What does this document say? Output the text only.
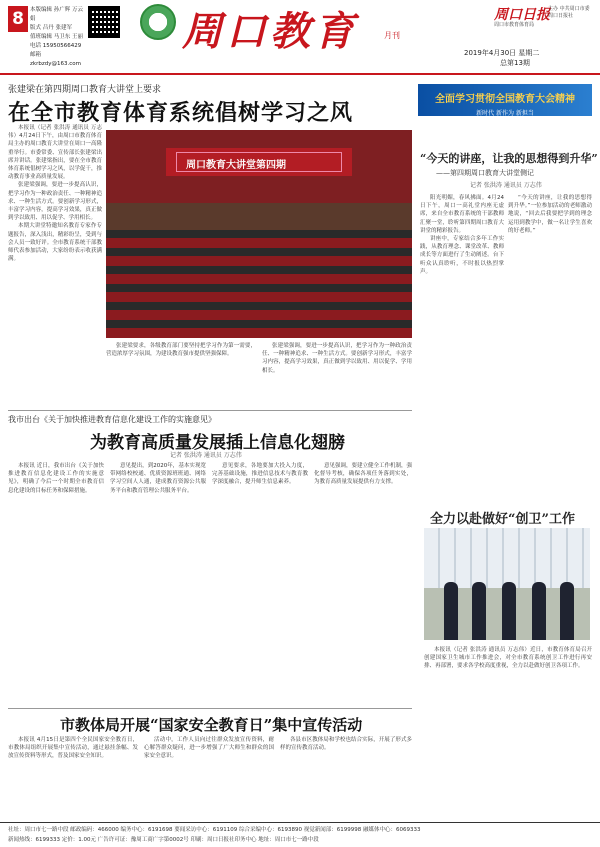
8	本版编辑 孙广辉 万云娟
版式 吕丹 张建军
值班编辑 马卫东 王丽
电话 15950566429
邮箱 zkrbzdy@163.com
周口教育	月刊
周口日报
主办 中共周口市委 周口日报社
周口市教育体育局
2019年4月30日 星期二
总第13期
张建梁在第四期周口教育大讲堂上要求
在全市教育体育系统倡树学习之风
全面学习贯彻全国教育大会精神
新时代 新作为 新担当

本报讯（记者 张洪涛 通讯员 万志伟）4月24日下午，由周口市教育体育局主办的周口教育大讲堂在周口一高隆重举行。市委常委、宣传部长张建梁出席并讲话。张建梁指出，要在全市教育体育系统倡树学习之风，以学促干，推动教育事业高质量发展。

张建梁强调，要进一步提高认识，把学习作为一种政治责任、一种精神追求、一种生活方式。要创新学习形式，丰富学习内容，提高学习效果，真正做到学以致用、用以促学、学用相长。

本期大讲堂特邀知名教育专家作专题报告，深入浅出，精彩纷呈，受到与会人员一致好评。全市教育系统干部教师代表参加活动，大家纷纷表示收获满满。

周口教育大讲堂第四期

张建梁要求，各级教育部门要坚持把学习作为第一需要，营造浓厚学习氛围，为建设教育强市提供坚强保障。

张建梁强调，要进一步提高认识，把学习作为一种政治责任、一种精神追求、一种生活方式。要创新学习形式，丰富学习内容，提高学习效果，真正做到学以致用、用以促学、学用相长。

“今天的讲座，让我的思想得到升华”
——第四期周口教育大讲堂侧记
记者 张洪涛 通讯员 万志伟

阳光明媚，春风拂面。4月24日下午，周口一高礼堂内座无虚席，来自全市教育系统的干部教师汇聚一堂，聆听第四期周口教育大讲堂的精彩报告。

讲座中，专家结合多年工作实践，从教育理念、课堂改革、教师成长等方面进行了生动阐述。台下听众认真聆听，不时报以热烈掌声。

“今天的讲座，让我的思想得到升华。”一位参加活动的老师激动地说，“回去后我要把学到的理念运用到教学中，做一名让学生喜欢的好老师。”

我市出台《关于加快推进教育信息化建设工作的实施意见》
为教育高质量发展插上信息化翅膀
记者 张洪涛 通讯员 万志伟

本报讯 近日，我市出台《关于加快推进教育信息化建设工作的实施意见》，明确了今后一个时期全市教育信息化建设的目标任务和保障措施。

意见提出，到2020年，基本实现宽带网络校校通、优质资源班班通、网络学习空间人人通，建成教育资源公共服务平台和教育管理公共服务平台。

意见要求，各地要加大投入力度，完善基础设施，推进信息技术与教育教学深度融合，提升师生信息素养。

意见强调，要建立健全工作机制，强化督导考核，确保各项任务落到实处，为教育高质量发展提供有力支撑。

全力以赴做好“创卫”工作

本报讯（记者 张洪涛 通讯员 万志伟）近日，市教育体育局召开创建国家卫生城市工作推进会，对全市教育系统创卫工作进行再安排、再部署，要求各学校高度重视，全力以赴做好创卫各项工作。

市教体局开展“国家安全教育日”集中宣传活动

本报讯 4月15日是第四个全民国家安全教育日，市教体局组织开展集中宣传活动，通过悬挂条幅、发放宣传资料等形式，普及国家安全知识。

活动中，工作人员向过往群众发放宣传资料，耐心解答群众疑问，进一步增强了广大师生和群众的国家安全意识。

各县市区教体局和学校也结合实际，开展了形式多样的宣传教育活动。

社址：周口市七一路中段 邮政编码：466000 编务中心：6191698 要闻采访中心：6191109 综合采编中心：6193890 视觉新闻部：6199998 融媒体中心：6069333
新闻热线：6199333 定价：1.00元 广告许可证：豫周工商广字第0002号 印刷：周口日报社印务中心 地址：周口市七一路中段
